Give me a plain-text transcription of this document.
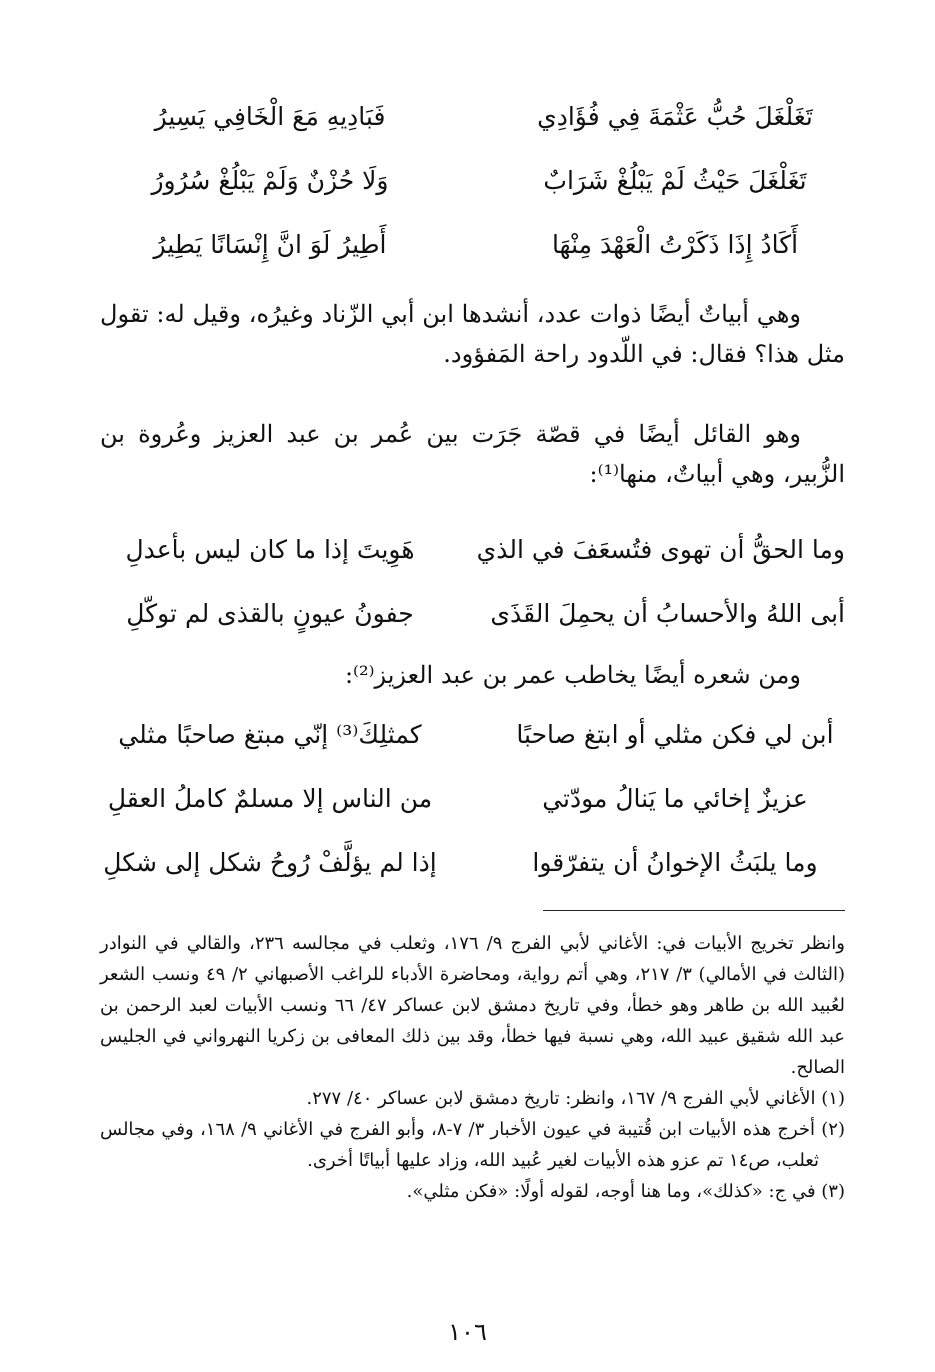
تَغَلْغَلَ حُبُّ عَثْمَةَ فِي فُؤَادِي
فَبَادِيهِ مَعَ الْخَافِي يَسِيرُ
تَغَلْغَلَ حَيْثُ لَمْ يَبْلُغْ شَرَابٌ
وَلَا حُزْنٌ وَلَمْ يَبْلُغْ سُرُورُ
أَكَادُ إِذَا ذَكَرْتُ الْعَهْدَ مِنْهَا
أَطِيرُ لَوَ انَّ إِنْسَانًا يَطِيرُ
وهي أبياتٌ أيضًا ذوات عدد، أنشدها ابن أبي الزّناد وغيرُه، وقيل له: تقول مثل هذا؟ فقال: في اللّدود راحة المَفؤود.
وهو القائل أيضًا في قصّة جَرَت بين عُمر بن عبد العزيز وعُروة بن الزُّبير، وهي أبياتٌ، منها⁽¹⁾:
وما الحقُّ أن تهوى فتُسعَفَ في الذي
هَوِيتَ إذا ما كان ليس بأعدلِ
أبى اللهُ والأحسابُ أن يحمِلَ القَذَى
جفونُ عيونٍ بالقذى لم توكّلِ
ومن شعره أيضًا يخاطب عمر بن عبد العزيز⁽²⁾:
أبن لي فكن مثلي أو ابتغ صاحبًا
كمثلِكَ⁽³⁾ إنّي مبتغ صاحبًا مثلي
عزيزٌ إخائي ما يَنالُ مودّتي
من الناس إلا مسلمٌ كاملُ العقلِ
وما يلبَثُ الإخوانُ أن يتفرّقوا
إذا لم يؤلَّفْ رُوحُ شكل إلى شكلِ
وانظر تخريج الأبيات في: الأغاني لأبي الفرج ٩/ ١٧٦، وثعلب في مجالسه ٢٣٦، والقالي في النوادر (الثالث في الأمالي) ٣/ ٢١٧، وهي أتم رواية، ومحاضرة الأدباء للراغب الأصبهاني ٢/ ٤٩ ونسب الشعر لعُبيد الله بن طاهر وهو خطأ، وفي تاريخ دمشق لابن عساكر ٤٧/ ٦٦ ونسب الأبيات لعبد الرحمن بن عبد الله شقيق عبيد الله، وهي نسبة فيها خطأ، وقد بين ذلك المعافى بن زكريا النهرواني في الجليس الصالح.
(١) الأغاني لأبي الفرج ٩/ ١٦٧، وانظر: تاريخ دمشق لابن عساكر ٤٠/ ٢٧٧.
(٢) أخرج هذه الأبيات ابن قُتيبة في عيون الأخبار ٣/ ٧-٨، وأبو الفرج في الأغاني ٩/ ١٦٨، وفي مجالس ثعلب، ص١٤ تم عزو هذه الأبيات لغير عُبيد الله، وزاد عليها أبياتًا أخرى.
(٣) في ج: «كذلك»، وما هنا أوجه، لقوله أولًا: «فكن مثلي».
١٠٦
